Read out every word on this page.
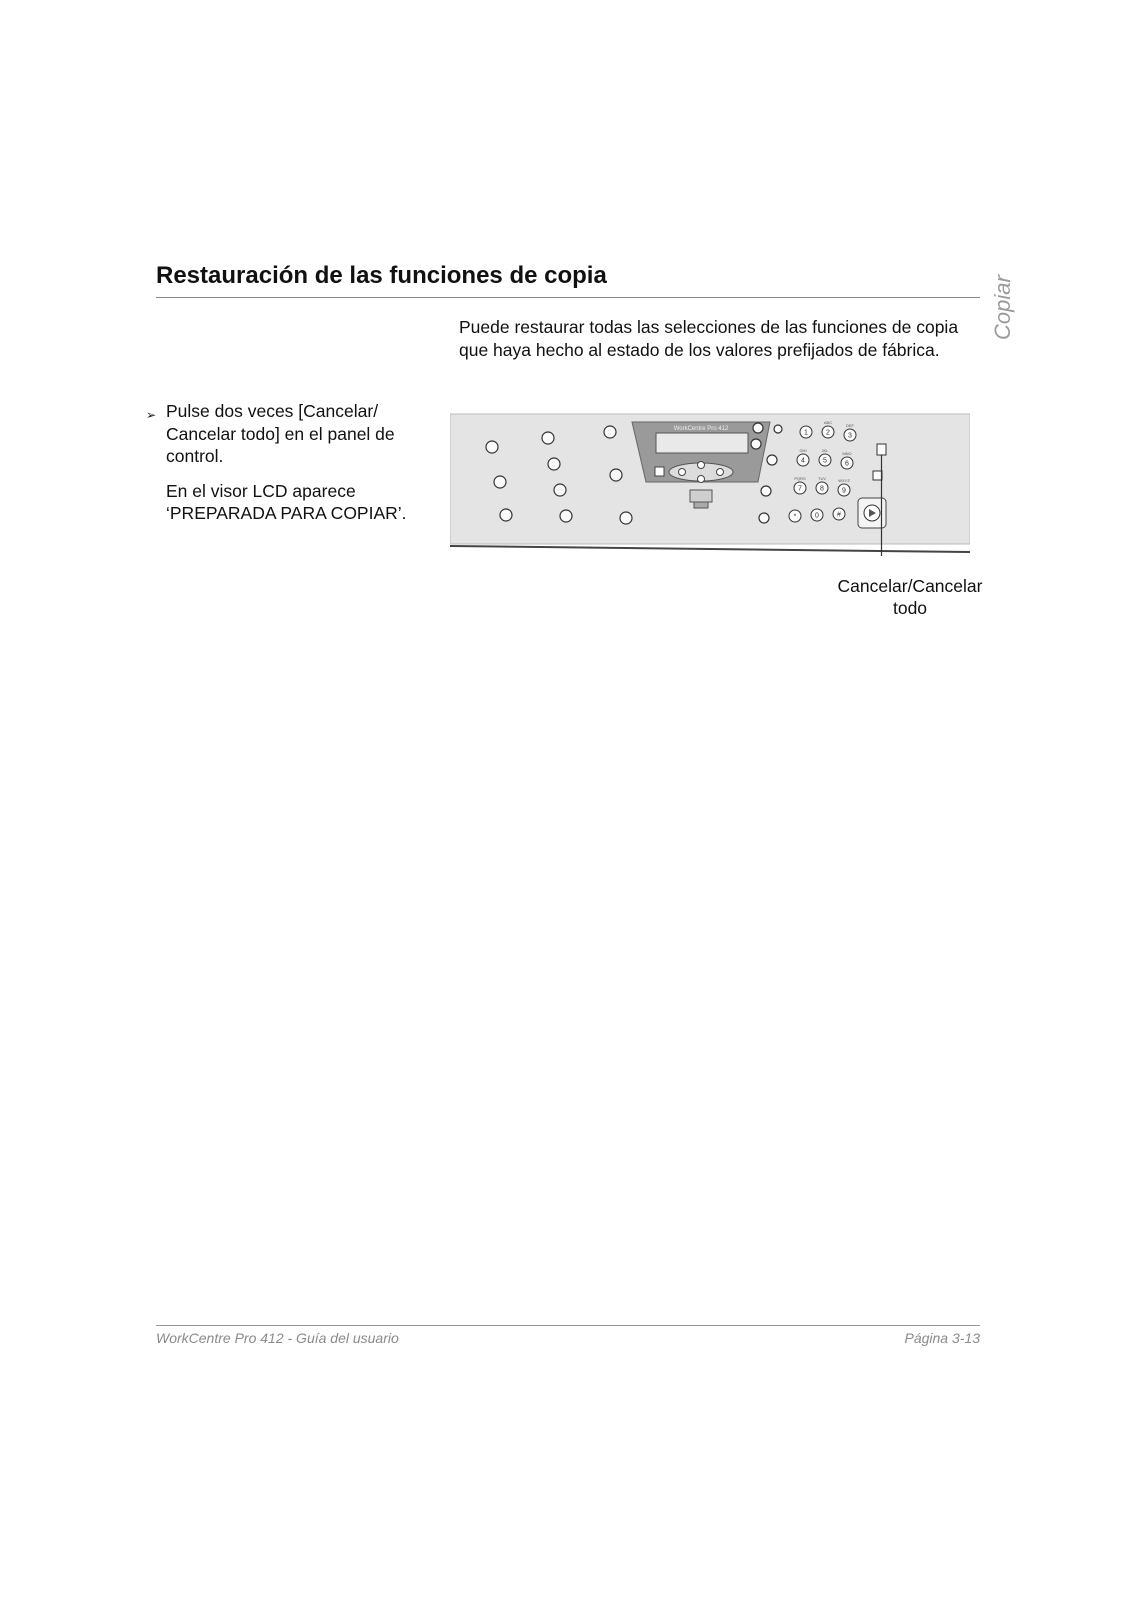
Restauración de las funciones de copia
Copiar

Puede restaurar todas las selecciones de las funciones de copia que haya hecho al estado de los valores prefijados de fábrica.

➢ Pulse dos veces [Cancelar/ Cancelar todo] en el panel de control.

En el visor LCD aparece ‘PREPARADA PARA COPIAR’.

WorkCentre Pro 412
1	2	3
4	5	6
7	8	9
*	0	#
ABC
DEF
GHI	JKL
MNO
PQRS	TUV	WXYZ
Cancelar/Cancelar todo
WorkCentre Pro 412 - Guía del usuario	Página 3-13
